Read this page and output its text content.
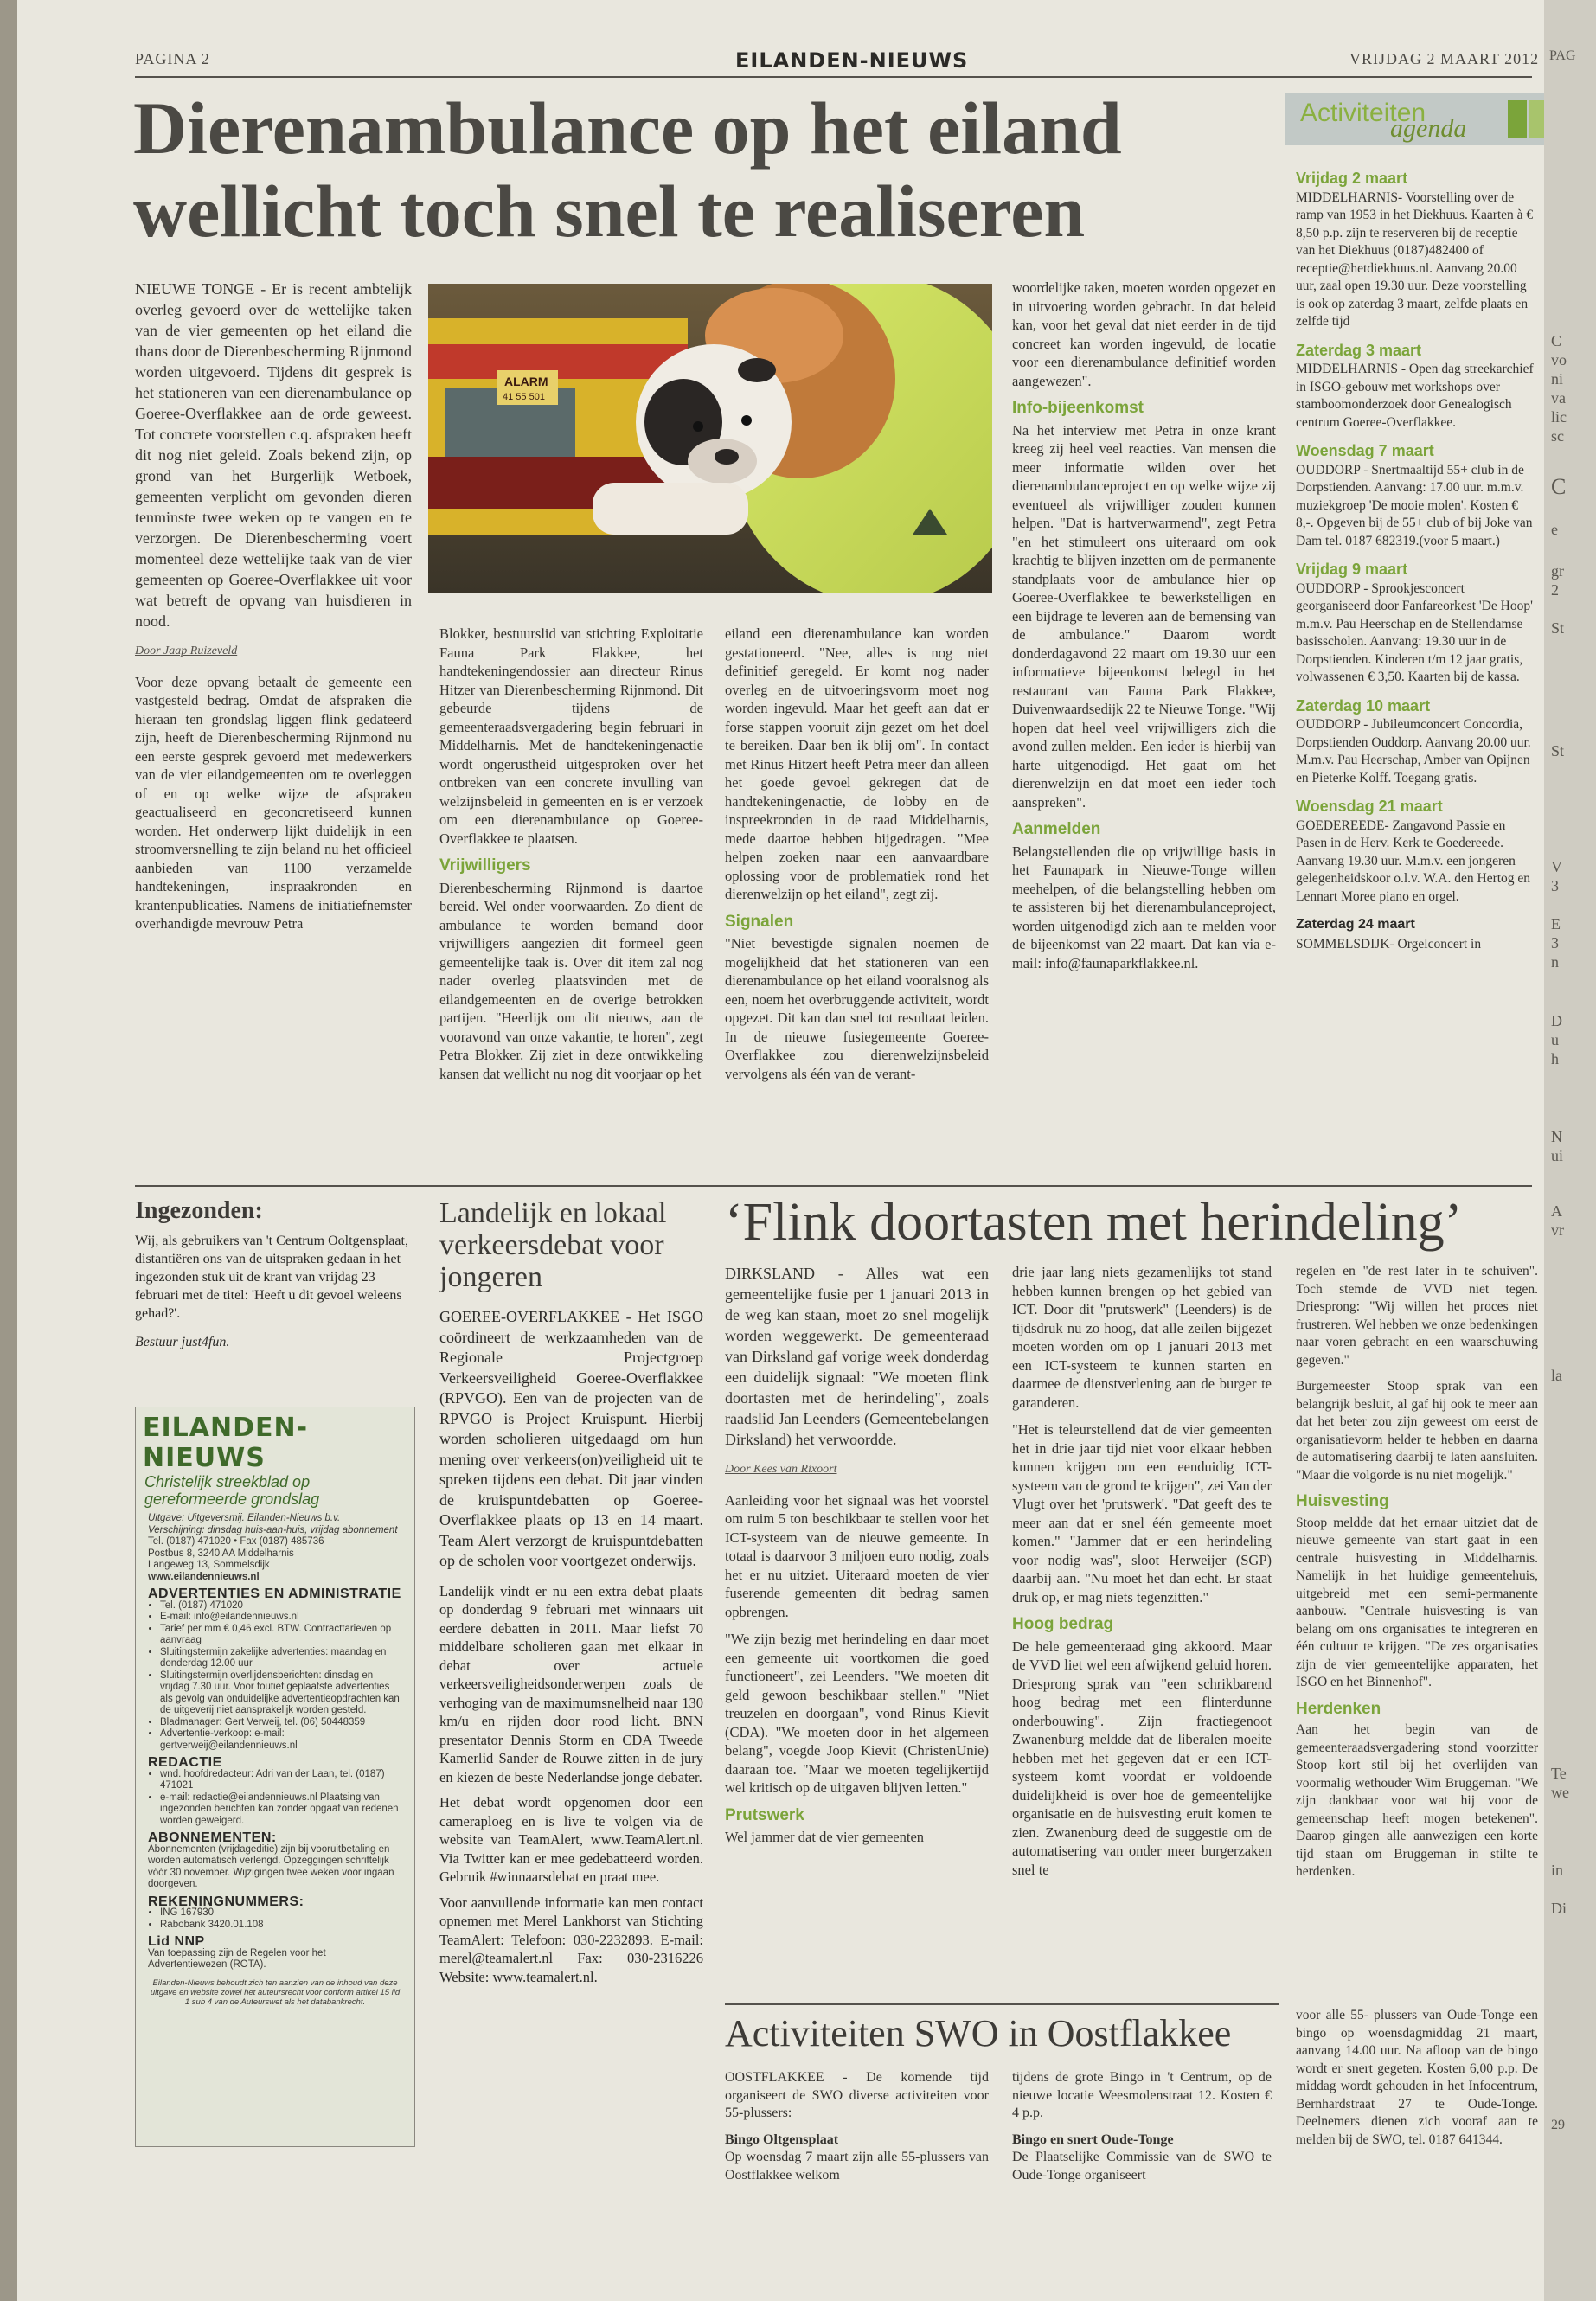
PAGINA 2	EILANDEN-NIEUWS	VRIJDAG 2 MAART 2012
Dierenambulance op het eiland
wellicht toch snel te realiseren
Activiteiten
agenda

NIEUWE TONGE - Er is recent ambtelijk overleg gevoerd over de wettelijke taken van de vier gemeenten op het eiland die thans door de Dierenbescherming Rijnmond worden uitgevoerd. Tijdens dit gesprek is het stationeren van een dierenambulance op Goeree-Overflakkee aan de orde geweest. Tot concrete voorstellen c.q. afspraken heeft dit nog niet geleid. Zoals bekend zijn, op grond van het Burgerlijk Wetboek, gemeenten verplicht om gevonden dieren tenminste twee weken op te vangen en te verzorgen. De Dierenbescherming voert momenteel deze wettelijke taak van de vier gemeenten op Goeree-Overflakkee uit voor wat betreft de opvang van huisdieren in nood.

Door Jaap Ruizeveld

Voor deze opvang betaalt de gemeente een vastgesteld bedrag. Omdat de afspraken die hieraan ten grondslag liggen flink gedateerd zijn, heeft de Dierenbescherming Rijnmond nu een eerste gesprek gevoerd met medewerkers van de vier eilandgemeenten om te overleggen of en op welke wijze de afspraken geactualiseerd en geconcretiseerd kunnen worden. Het onderwerp lijkt duidelijk in een stroomversnelling te zijn beland nu het officieel aanbieden van 1100 verzamelde handtekeningen, inspraakronden en krantenpublicaties. Namens de initiatiefnemster overhandigde mevrouw Petra

ALARM
41 55 501

Blokker, bestuurslid van stichting Exploitatie Fauna Park Flakkee, het handtekeningendossier aan directeur Rinus Hitzer van Dierenbescherming Rijnmond. Dit gebeurde tijdens de gemeenteraadsvergadering begin februari in Middelharnis. Met de handtekeningenactie wordt ongerustheid uitgesproken over het ontbreken van een concrete invulling van welzijnsbeleid in gemeenten en is er verzoek om een dierenambulance op Goeree-Overflakkee te plaatsen.

Vrijwilligers

Dierenbescherming Rijnmond is daartoe bereid. Wel onder voorwaarden. Zo dient de ambulance te worden bemand door vrijwilligers aangezien dit formeel geen gemeentelijke taak is. Over dit item zal nog nader overleg plaatsvinden met de eilandgemeenten en de overige betrokken partijen. "Heerlijk om dit nieuws, aan de vooravond van onze vakantie, te horen", zegt Petra Blokker. Zij ziet in deze ontwikkeling kansen dat wellicht nu nog dit voorjaar op het

eiland een dierenambulance kan worden gestationeerd. "Nee, alles is nog niet definitief geregeld. Er komt nog nader overleg en de uitvoeringsvorm moet nog worden ingevuld. Maar het geeft aan dat er forse stappen vooruit zijn gezet om het doel te bereiken. Daar ben ik blij om". In contact met Rinus Hitzert heeft Petra meer dan alleen het goede gevoel gekregen dat de handtekeningenactie, de lobby en de inspreekronden in de raad Middelharnis, mede daartoe hebben bijgedragen. "Mee helpen zoeken naar een aanvaardbare oplossing voor de problematiek rond het dierenwelzijn op het eiland", zegt zij.

Signalen

"Niet bevestigde signalen noemen de mogelijkheid dat het stationeren van een dierenambulance op het eiland vooralsnog als een, noem het overbruggende activiteit, wordt opgezet. Dit kan dan snel tot resultaat leiden. In de nieuwe fusiegemeente Goeree-Overflakkee zou dierenwelzijnsbeleid vervolgens als één van de verant-

woordelijke taken, moeten worden opgezet en in uitvoering worden gebracht. In dat beleid kan, voor het geval dat niet eerder in de tijd concreet kan worden ingevuld, de locatie voor een dierenambulance definitief worden aangewezen".

Info-bijeenkomst

Na het interview met Petra in onze krant kreeg zij heel veel reacties. Van mensen die meer informatie wilden over het dierenambulanceproject en op welke wijze zij eventueel als vrijwilliger zouden kunnen helpen. "Dat is hartverwarmend", zegt Petra "en het stimuleert ons uiteraard om ook krachtig te blijven inzetten om de permanente standplaats voor de ambulance hier op Goeree-Overflakkee te bewerkstelligen en een bijdrage te leveren aan de bemensing van de ambulance." Daarom wordt donderdagavond 22 maart om 19.30 uur een informatieve bijeenkomst belegd in het restaurant van Fauna Park Flakkee, Duivenwaardsedijk 22 te Nieuwe Tonge. "Wij hopen dat heel veel vrijwilligers zich die avond zullen melden. Een ieder is hierbij van harte uitgenodigd. Het gaat om het dierenwelzijn en dat moet een ieder toch aanspreken".

Aanmelden

Belangstellenden die op vrijwillige basis in het Faunapark in Nieuwe-Tonge willen meehelpen, of die belangstelling hebben om te assisteren bij het dierenambulanceproject, worden uitgenodigd zich aan te melden voor de bijeenkomst van 22 maart. Dat kan via e-mail: info@faunaparkflakkee.nl.

Vrijdag 2 maart

MIDDELHARNIS- Voorstelling over de ramp van 1953 in het Diekhuus. Kaarten à € 8,50 p.p. zijn te reserveren bij de receptie van het Diekhuus (0187)482400 of receptie@hetdiekhuus.nl. Aanvang 20.00 uur, zaal open 19.30 uur. Deze voorstelling is ook op zaterdag 3 maart, zelfde plaats en zelfde tijd

Zaterdag 3 maart

MIDDELHARNIS - Open dag streekarchief in ISGO-gebouw met workshops over stamboomonderzoek door Genealogisch centrum Goeree-Overflakkee.

Woensdag 7 maart

OUDDORP - Snertmaaltijd 55+ club in de Dorpstienden. Aanvang: 17.00 uur. m.m.v. muziekgroep 'De mooie molen'. Kosten € 8,-. Opgeven bij de 55+ club of bij Joke van Dam tel. 0187 682319.(voor 5 maart.)

Vrijdag 9 maart

OUDDORP - Sprookjesconcert georganiseerd door Fanfareorkest 'De Hoop' m.m.v. Pau Heerschap en de Stellendamse basisscholen. Aanvang: 19.30 uur in de Dorpstienden. Kinderen t/m 12 jaar gratis, volwassenen € 3,50. Kaarten bij de kassa.

Zaterdag 10 maart

OUDDORP - Jubileumconcert Concordia, Dorpstienden Ouddorp. Aanvang 20.00 uur. M.m.v. Pau Heerschap, Amber van Opijnen en Pieterke Kolff. Toegang gratis.

Woensdag 21 maart

GOEDEREEDE- Zangavond Passie en Pasen in de Herv. Kerk te Goedereede. Aanvang 19.30 uur. M.m.v. een jongeren gelegenheidskoor o.l.v. W.A. den Hertog en Lennart Moree piano en orgel.

Zaterdag 24 maart

SOMMELSDIJK- Orgelconcert in

Ingezonden:
Wij, als gebruikers van 't Centrum Ooltgensplaat, distantiëren ons van de uitspraken gedaan in het ingezonden stuk uit de krant van vrijdag 23 februari met de titel: 'Heeft u dit gevoel weleens gehad?'.
Bestuur just4fun.
EILANDEN-NIEUWS
Christelijk streekblad op gereformeerde grondslag
Uitgave: Uitgeversmij. Eilanden-Nieuws b.v.
Verschijning: dinsdag huis-aan-huis, vrijdag abonnement
Tel. (0187) 471020 • Fax (0187) 485736
Postbus 8, 3240 AA Middelharnis
Langeweg 13, Sommelsdijk
www.eilandennieuws.nl
ADVERTENTIES EN ADMINISTRATIE
• Tel. (0187) 471020
• E-mail: info@eilandennieuws.nl
• Tarief per mm € 0,46 excl. BTW. Contracttarieven op aanvraag
• Sluitingstermijn zakelijke advertenties: maandag en donderdag 12.00 uur
• Sluitingstermijn overlijdensberichten: dinsdag en vrijdag 7.30 uur. Voor foutief geplaatste advertenties als gevolg van onduidelijke advertentieopdrachten kan de uitgeverij niet aansprakelijk worden gesteld.
• Bladmanager: Gert Verweij, tel. (06) 50448359
• Advertentie-verkoop: e-mail: gertverweij@eilandennieuws.nl
REDACTIE
• wnd. hoofdredacteur: Adri van der Laan, tel. (0187) 471021
• e-mail: redactie@eilandennieuws.nl Plaatsing van ingezonden berichten kan zonder opgaaf van redenen worden geweigerd.
ABONNEMENTEN:
Abonnementen (vrijdageditie) zijn bij vooruitbetaling en worden automatisch verlengd. Opzeggingen schriftelijk vóór 30 november. Wijzigingen twee weken voor ingaan doorgeven.
REKENINGNUMMERS:
• ING 167930
• Rabobank 3420.01.108
Lid NNP
Van toepassing zijn de Regelen voor het Advertentiewezen (ROTA).
Eilanden-Nieuws behoudt zich ten aanzien van de inhoud van deze uitgave en website zowel het auteursrecht voor conform artikel 15 lid 1 sub 4 van de Auteurswet als het databankrecht.
Landelijk en lokaal verkeersdebat voor jongeren
GOEREE-OVERFLAKKEE - Het ISGO coördineert de werkzaamheden van de Regionale Projectgroep Verkeersveiligheid Goeree-Overflakkee (RPVGO). Een van de projecten van de RPVGO is Project Kruispunt. Hierbij worden scholieren uitgedaagd om hun mening over verkeers(on)veiligheid uit te spreken tijdens een debat. Dit jaar vinden de kruispuntdebatten op Goeree-Overflakkee plaats op 13 en 14 maart. Team Alert verzorgt de kruispuntdebatten op de scholen voor voortgezet onderwijs.

Landelijk vindt er nu een extra debat plaats op donderdag 9 februari met winnaars uit eerdere debatten in 2011. Maar liefst 70 middelbare scholieren gaan met elkaar in debat over actuele verkeersveiligheidsonderwerpen zoals de verhoging van de maximumsnelheid naar 130 km/u en rijden door rood licht. BNN presentator Dennis Storm en CDA Tweede Kamerlid Sander de Rouwe zitten in de jury en kiezen de beste Nederlandse jonge debater.

Het debat wordt opgenomen door een cameraploeg en is live te volgen via de website van TeamAlert, www.TeamAlert.nl. Via Twitter kan er mee gedebatteerd worden. Gebruik #winnaarsdebat en praat mee.

Voor aanvullende informatie kan men contact opnemen met Merel Lankhorst van Stichting TeamAlert: Telefoon: 030-2232893. E-mail: merel@teamalert.nl Fax: 030-2316226 Website: www.teamalert.nl.

‘Flink doortasten met herindeling’

DIRKSLAND - Alles wat een gemeentelijke fusie per 1 januari 2013 in de weg kan staan, moet zo snel mogelijk worden weggewerkt. De gemeenteraad van Dirksland gaf vorige week donderdag een duidelijk signaal: "We moeten flink doortasten met de herindeling", zoals raadslid Jan Leenders (Gemeentebelangen Dirksland) het verwoordde.

Door Kees van Rixoort

Aanleiding voor het signaal was het voorstel om ruim 5 ton beschikbaar te stellen voor het ICT-systeem van de nieuwe gemeente. In totaal is daarvoor 3 miljoen euro nodig, zoals het er nu uitziet. Uiteraard moeten de vier fuserende gemeenten dit bedrag samen opbrengen.

"We zijn bezig met herindeling en daar moet een gemeente uit voortkomen die goed functioneert", zei Leenders. "We moeten dit geld gewoon beschikbaar stellen." "Niet treuzelen en doorgaan", vond Rinus Kievit (CDA). "We moeten door in het algemeen belang", voegde Joop Kievit (ChristenUnie) daaraan toe. "Maar we moeten tegelijkertijd wel kritisch op de uitgaven blijven letten."

Prutswerk

Wel jammer dat de vier gemeenten

drie jaar lang niets gezamenlijks tot stand hebben kunnen brengen op het gebied van ICT. Door dit "prutswerk" (Leenders) is de tijdsdruk nu zo hoog, dat alle zeilen bijgezet moeten worden om op 1 januari 2013 met een ICT-systeem te kunnen starten en daarmee de dienstverlening aan de burger te garanderen.

"Het is teleurstellend dat de vier gemeenten het in drie jaar tijd niet voor elkaar hebben kunnen krijgen om een eenduidig ICT-systeem van de grond te krijgen", zei Van der Vlugt over het 'prutswerk'. "Dat geeft des te meer aan dat er snel één gemeente moet komen." "Jammer dat er een herindeling voor nodig was", sloot Herweijer (SGP) daarbij aan. "Nu moet het dan echt. Er staat druk op, er mag niets tegenzitten."

Hoog bedrag

De hele gemeenteraad ging akkoord. Maar de VVD liet wel een afwijkend geluid horen. Driesprong sprak van "een schrikbarend hoog bedrag met een flinterdunne onderbouwing". Zijn fractiegenoot Zwanenburg meldde dat de liberalen moeite hebben met het gegeven dat er een ICT-systeem komt voordat er voldoende duidelijkheid is over hoe de gemeentelijke organisatie en de huisvesting eruit komen te zien. Zwanenburg deed de suggestie om de automatisering van onder meer burgerzaken snel te

regelen en "de rest later in te schuiven". Toch stemde de VVD niet tegen. Driesprong: "Wij willen het proces niet frustreren. Wel hebben we onze bedenkingen naar voren gebracht en een waarschuwing gegeven."

Burgemeester Stoop sprak van een belangrijk besluit, al gaf hij ook te meer aan dat het beter zou zijn geweest om eerst de organisatievorm helder te hebben en daarna de automatisering daarbij te laten aansluiten. "Maar die volgorde is nu niet mogelijk."

Huisvesting

Stoop meldde dat het ernaar uitziet dat de nieuwe gemeente van start gaat in een centrale huisvesting in Middelharnis. Namelijk in het huidige gemeentehuis, uitgebreid met een semi-permanente aanbouw. "Centrale huisvesting is van belang om ons organisaties te integreren en één cultuur te krijgen. "De zes organisaties zijn de vier gemeentelijke apparaten, het ISGO en het Binnenhof".

Herdenken

Aan het begin van de gemeenteraadsvergadering stond voorzitter Stoop kort stil bij het overlijden van voormalig wethouder Wim Bruggeman. "We zijn dankbaar voor wat hij voor de gemeenschap heeft mogen betekenen". Daarop gingen alle aanwezigen een korte tijd staan om Bruggeman in stilte te herdenken.

Activiteiten SWO in Oostflakkee

OOSTFLAKKEE - De komende tijd organiseert de SWO diverse activiteiten voor 55-plussers:

Bingo Oltgensplaat

Op woensdag 7 maart zijn alle 55-plussers van Oostflakkee welkom

tijdens de grote Bingo in 't Centrum, op de nieuwe locatie Weesmolenstraat 12. Kosten € 4 p.p.

Bingo en snert Oude-Tonge

De Plaatselijke Commissie van de SWO te Oude-Tonge organiseert

voor alle 55- plussers van Oude-Tonge een bingo op woensdagmiddag 21 maart, aanvang 14.00 uur. Na afloop van de bingo wordt er snert gegeten. Kosten 6,00 p.p. De middag wordt gehouden in het Infocentrum, Bernhardstraat 27 te Oude-Tonge. Deelnemers dienen zich vooraf aan te melden bij de SWO, tel. 0187 641344.

PAG
C
vo
ni
va
lic
sc
C
e
gr
2
St
St
V
3
E
3
n
D
u
h
N
ui
A
vr
la
Te
we
in
Di
29
